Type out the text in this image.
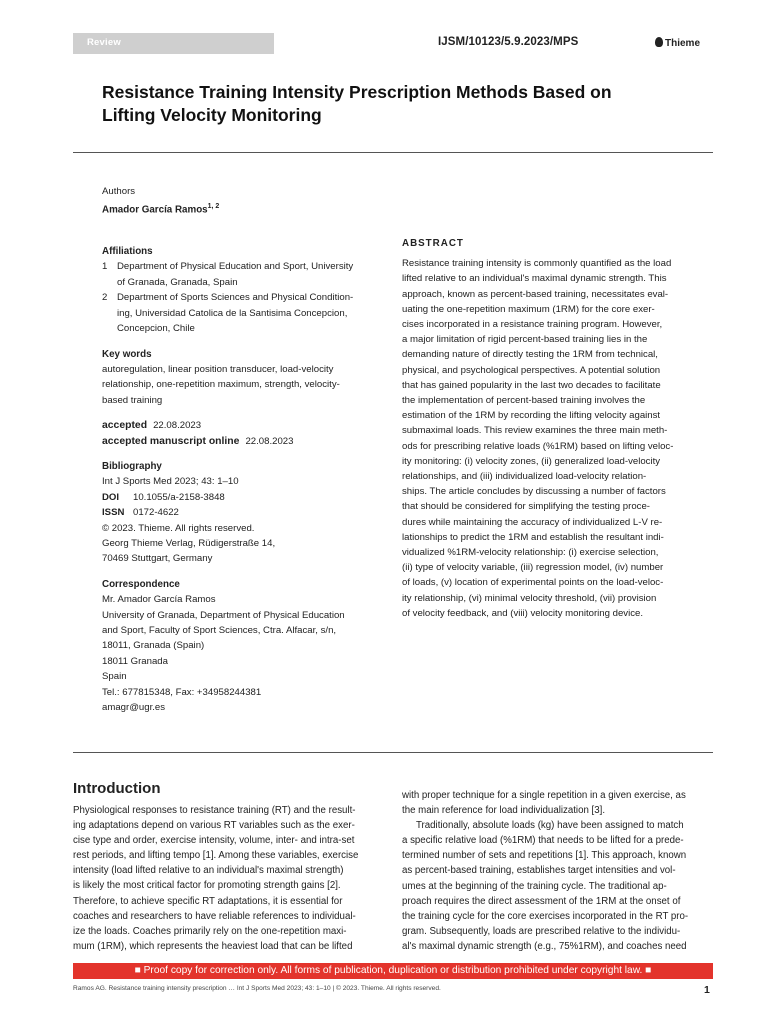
Review	IJSM/10123/5.9.2023/MPS	Thieme
Resistance Training Intensity Prescription Methods Based on
Lifting Velocity Monitoring
Authors
Amador García Ramos$^{1, 2}$
Affiliations
1	Department of Physical Education and Sport, University
of Granada, Granada, Spain
2	Department of Sports Sciences and Physical Condition-
ing, Universidad Catolica de la Santisima Concepcion,
Concepcion, Chile
Key words
autoregulation, linear position transducer, load-velocity
relationship, one-repetition maximum, strength, velocity-
based training
accepted 22.08.2023
accepted manuscript online 22.08.2023
Bibliography
Int J Sports Med 2023; 43: 1–10
DOI 10.1055/a-2158-3848
ISSN 0172-4622
© 2023. Thieme. All rights reserved.
Georg Thieme Verlag, Rüdigerstraße 14,
70469 Stuttgart, Germany
Correspondence
Mr. Amador García Ramos
University of Granada, Department of Physical Education
and Sport, Faculty of Sport Sciences, Ctra. Alfacar, s/n,
18011, Granada (Spain)
18011 Granada
Spain
Tel.: 677815348, Fax: +34958244381
amagr@ugr.es
ABSTRACT
Resistance training intensity is commonly quantified as the load
lifted relative to an individual's maximal dynamic strength. This
approach, known as percent-based training, necessitates eval-
uating the one-repetition maximum (1RM) for the core exer-
cises incorporated in a resistance training program. However,
a major limitation of rigid percent-based training lies in the
demanding nature of directly testing the 1RM from technical,
physical, and psychological perspectives. A potential solution
that has gained popularity in the last two decades to facilitate
the implementation of percent-based training involves the
estimation of the 1RM by recording the lifting velocity against
submaximal loads. This review examines the three main meth-
ods for prescribing relative loads (%1RM) based on lifting veloc-
ity monitoring: (i) velocity zones, (ii) generalized load-velocity
relationships, and (iii) individualized load-velocity relation-
ships. The article concludes by discussing a number of factors
that should be considered for simplifying the testing proce-
dures while maintaining the accuracy of individualized L-V re-
lationships to predict the 1RM and establish the resultant indi-
vidualized %1RM-velocity relationship: (i) exercise selection,
(ii) type of velocity variable, (iii) regression model, (iv) number
of loads, (v) location of experimental points on the load-veloc-
ity relationship, (vi) minimal velocity threshold, (vii) provision
of velocity feedback, and (viii) velocity monitoring device.
Introduction
Physiological responses to resistance training (RT) and the result-
ing adaptations depend on various RT variables such as the exer-
cise type and order, exercise intensity, volume, inter- and intra-set
rest periods, and lifting tempo [1]. Among these variables, exercise
intensity (load lifted relative to an individual's maximal strength)
is likely the most critical factor for promoting strength gains [2].
Therefore, to achieve specific RT adaptations, it is essential for
coaches and researchers to have reliable references to individual-
ize the loads. Coaches primarily rely on the one-repetition maxi-
mum (1RM), which represents the heaviest load that can be lifted
with proper technique for a single repetition in a given exercise, as
the main reference for load individualization [3].
Traditionally, absolute loads (kg) have been assigned to match
a specific relative load (%1RM) that needs to be lifted for a prede-
termined number of sets and repetitions [1]. This approach, known
as percent-based training, establishes target intensities and vol-
umes at the beginning of the training cycle. The traditional ap-
proach requires the direct assessment of the 1RM at the onset of
the training cycle for the core exercises incorporated in the RT pro-
gram. Subsequently, loads are prescribed relative to the individu-
al's maximal dynamic strength (e.g., 75%1RM), and coaches need
■ Proof copy for correction only. All forms of publication, duplication or distribution prohibited under copyright law. ■
Ramos AG. Resistance training intensity prescription … Int J Sports Med 2023; 43: 1–10 | © 2023. Thieme. All rights reserved.	1
